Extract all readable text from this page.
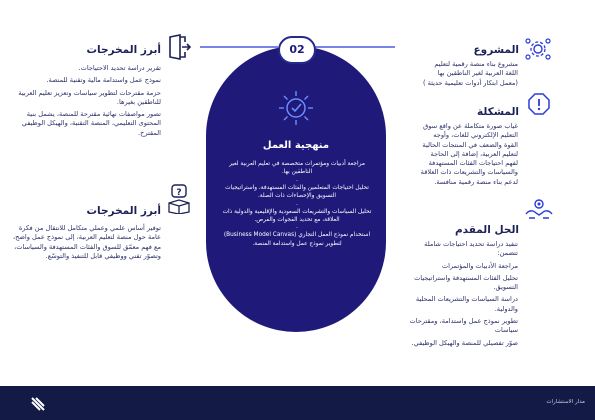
أبرز المخرجات
تقرير دراسة تحديد الاحتياجات.
نموذج عمل واستدامة مالية وتقنية للمنصة.
حزمة مقترحات لتطوير سياسات وتعزيز تعليم العربية للناطقين بغيرها.
تصور مواصفات نهائية مقترحة للمنصة، يشمل بنية المحتوى التعليمي، المنصة التقنية، والهيكل الوظيفي المقترح.
?
أبرز المخرجات

توفير أساس علمي وعملي متكامل للانتقال من فكرة عامة حول منصة لتعليم العربية، إلى نموذج عمل واضح، مع فهم معمّق للسوق والفئات المستهدفة والسياسات، وتصوّر تقني ووظيفي قابل للتنفيذ والتوسّع.

منهجية العمل
مراجعة أدبيات ومؤتمرات متخصصة في تعليم العربية لغير الناطقين بها.
-
تحليل احتياجات المتعلمين والفئات المستهدفة، واستراتيجيات التسويق والإحصاءات ذات الصلة.
-
تحليل السياسات والتشريعات السعودية والإقليمية والدولية ذات العلاقة، مع تحديد الفجوات والفرص.
-
استخدام نموذج العمل التجاري (Business Model Canvas) لتطوير نموذج عمل واستدامة المنصة.
02	المشروع

مشروع بناء منصة رقمية لتعليم اللغة العربية لغير الناطقين بها (معمل ابتكار أدوات تعليمية حديثة )

المشكلة

غياب صورة متكاملة عن واقع سوق التعليم الإلكتروني للغات، وأوجه القوة والضعف في المنتجات الحالية لتعليم العربية، إضافة إلى الحاجة لفهم احتياجات الفئات المستهدفة والسياسات والتشريعات ذات العلاقة لدعم بناء منصة رقمية منافسة.

الحل المقدم
تنفيذ دراسة تحديد احتياجات شاملة تتضمن:
مراجعة الأدبيات والمؤتمرات
تحليل الفئات المستهدفة واستراتيجيات التسويق.
دراسة السياسات والتشريعات المحلية والدولية.
تطوير نموذج عمل واستدامة، ومقترحات سياسات
صوّر تفصيلي للمنصة والهيكل الوظيفي.
مدار الاستشارات
